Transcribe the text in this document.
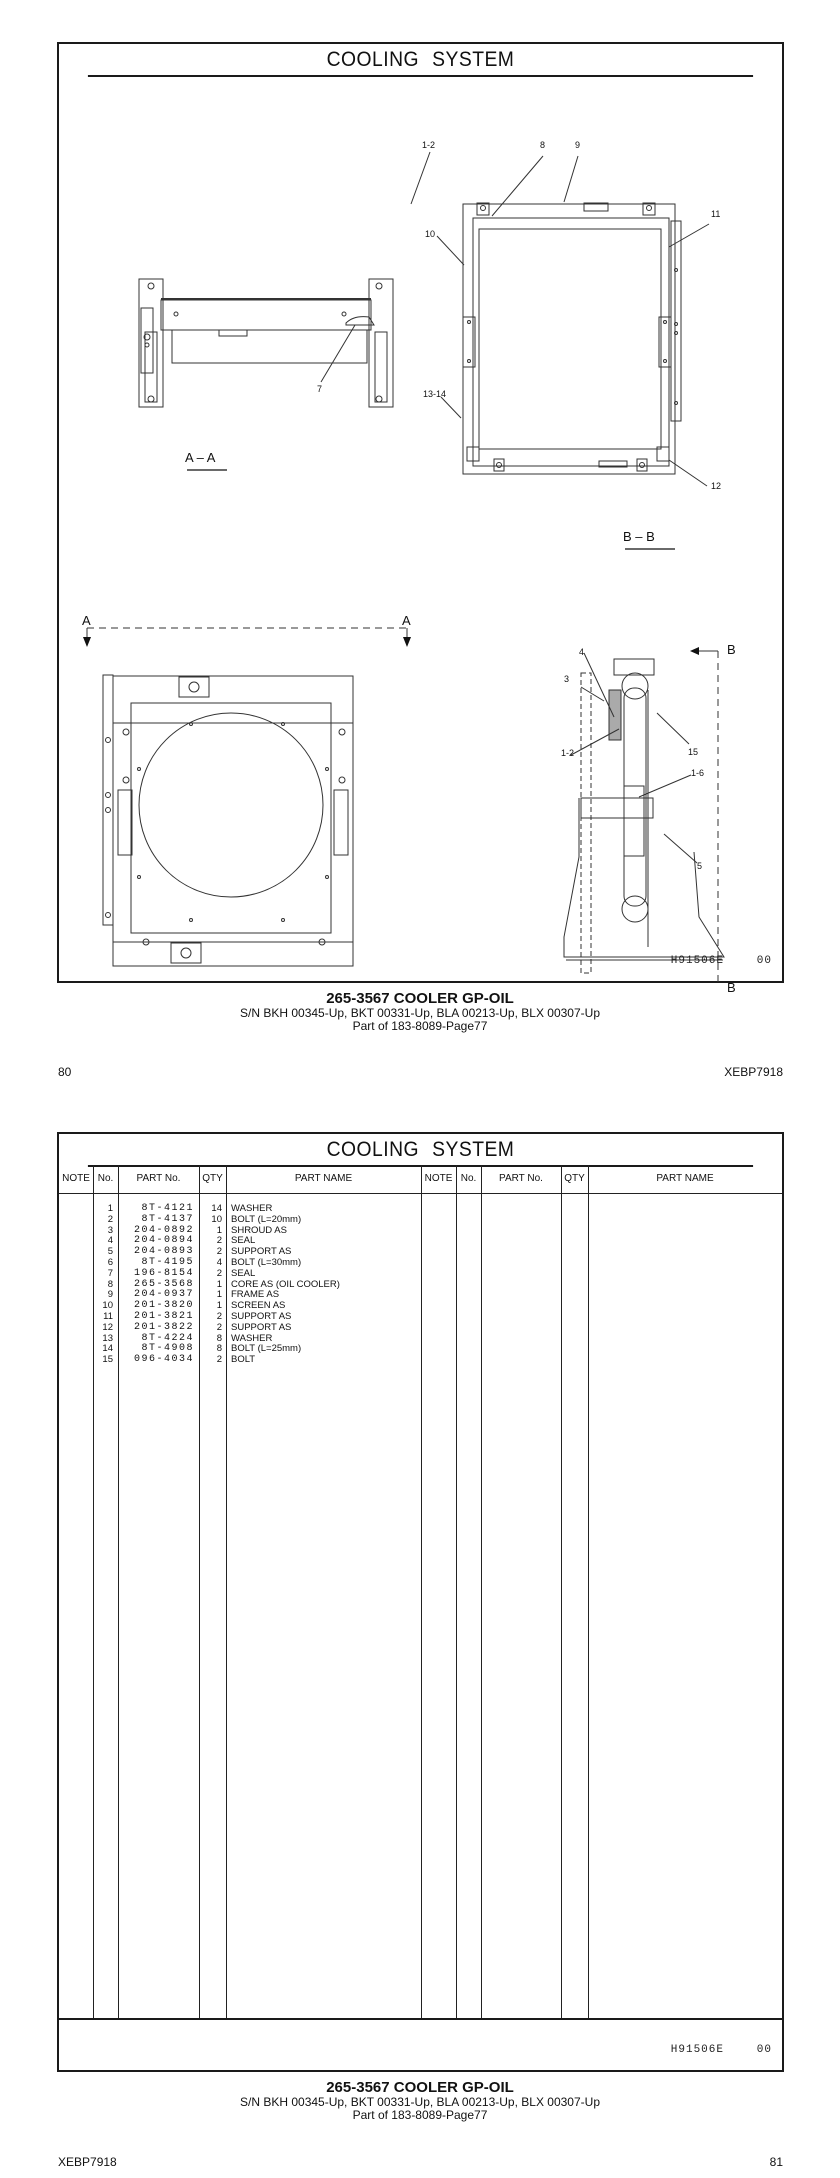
COOLING SYSTEM
A – A
B – B
A	A
B
B
1-2	8	9
10
11
13-14
12
7
4
3
1-2	15
1-6
5
H91506E	00
265-3567 COOLER GP-OIL
S/N BKH 00345-Up, BKT 00331-Up, BLA 00213-Up, BLX 00307-Up
Part of 183-8089-Page77
80	XEBP7918
COOLING SYSTEM
NOTE No.	PART No.	QTY	PART NAME	NOTE No.	PART No.	QTY	PART NAME
1	8T-4121	14 WASHER
2	8T-4137	10 BOLT (L=20mm)
3	204-0892	1 SHROUD AS
4	204-0894	2 SEAL
5	204-0893	2 SUPPORT AS
6	8T-4195	4 BOLT (L=30mm)
7	196-8154	2 SEAL
8	265-3568	1 CORE AS (OIL COOLER)
9	204-0937	1 FRAME AS
10	201-3820	1 SCREEN AS
11	201-3821	2 SUPPORT AS
12	201-3822	2 SUPPORT AS
13	8T-4224	8 WASHER
14	8T-4908	8 BOLT (L=25mm)
15	096-4034	2 BOLT
H91506E	00
265-3567 COOLER GP-OIL
S/N BKH 00345-Up, BKT 00331-Up, BLA 00213-Up, BLX 00307-Up
Part of 183-8089-Page77
XEBP7918	81
